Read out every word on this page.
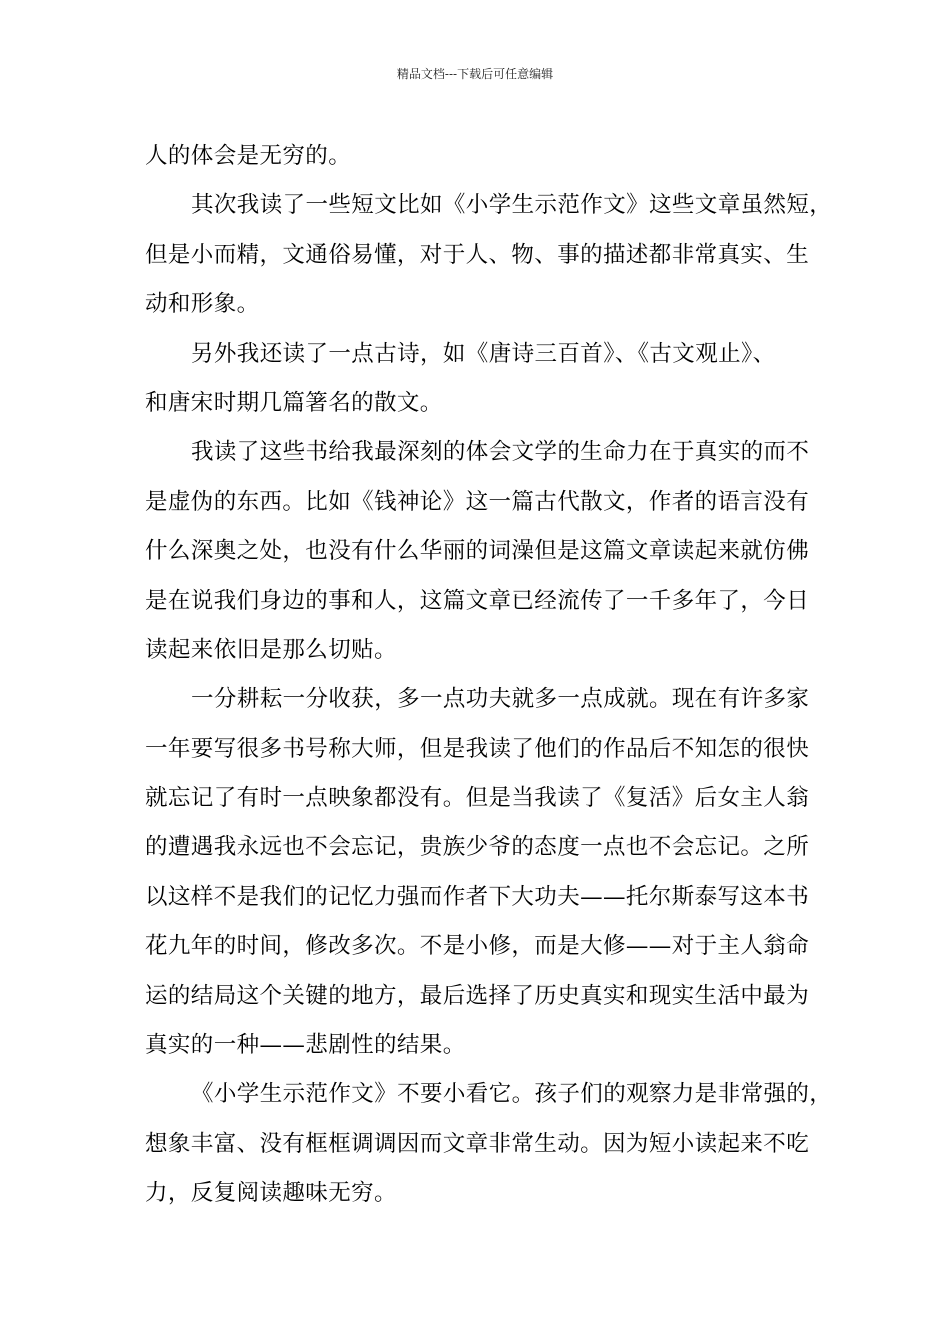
精品文档---下载后可任意编辑
人的体会是无穷的。
其次我读了一些短文比如《小学生示范作文》这些文章虽然短，
但是小而精，文通俗易懂，对于人、物、事的描述都非常真实、生
动和形象。
另外我还读了一点古诗，如《唐诗三百首》、《古文观止》、
和唐宋时期几篇箸名的散文。
我读了这些书给我最深刻的体会文学的生命力在于真实的而不
是虚伪的东西。比如《钱神论》这一篇古代散文，作者的语言没有
什么深奥之处，也没有什么华丽的词澡但是这篇文章读起来就仿佛
是在说我们身边的事和人，这篇文章已经流传了一千多年了，今日
读起来依旧是那么切贴。
一分耕耘一分收获，多一点功夫就多一点成就。现在有许多家
一年要写很多书号称大师，但是我读了他们的作品后不知怎的很快
就忘记了有时一点映象都没有。但是当我读了《复活》后女主人翁
的遭遇我永远也不会忘记，贵族少爷的态度一点也不会忘记。之所
以这样不是我们的记忆力强而作者下大功夫——托尔斯泰写这本书
花九年的时间，修改多次。不是小修，而是大修——对于主人翁命
运的结局这个关键的地方，最后选择了历史真实和现实生活中最为
真实的一种——悲剧性的结果。
《小学生示范作文》不要小看它。孩子们的观察力是非常强的，
想象丰富、没有框框调调因而文章非常生动。因为短小读起来不吃
力，反复阅读趣味无穷。
